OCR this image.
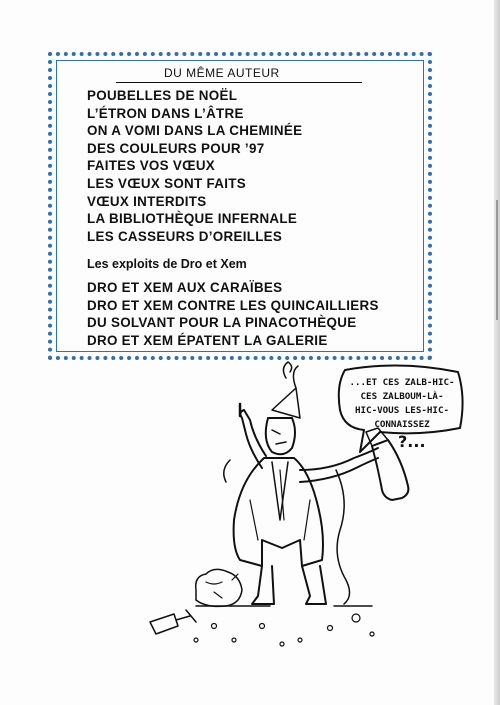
DU MÊME AUTEUR
POUBELLES DE NOËL
L’ÉTRON DANS L’ÂTRE
ON A VOMI DANS LA CHEMINÉE
DES COULEURS POUR ’97
FAITES VOS VŒUX
LES VŒUX SONT FAITS
VŒUX INTERDITS
LA BIBLIOTHÈQUE INFERNALE
LES CASSEURS D’OREILLES
Les exploits de Dro et Xem
DRO ET XEM AUX CARAÏBES
DRO ET XEM CONTRE LES QUINCAILLIERS
DU SOLVANT POUR LA PINACOTHÈQUE
DRO ET XEM ÉPATENT LA GALERIE
...ET CES ZALB-HIC-
CES ZALBOUM-LÀ-
HIC-VOUS LES-HIC-
CONNAISSEZ
?...
